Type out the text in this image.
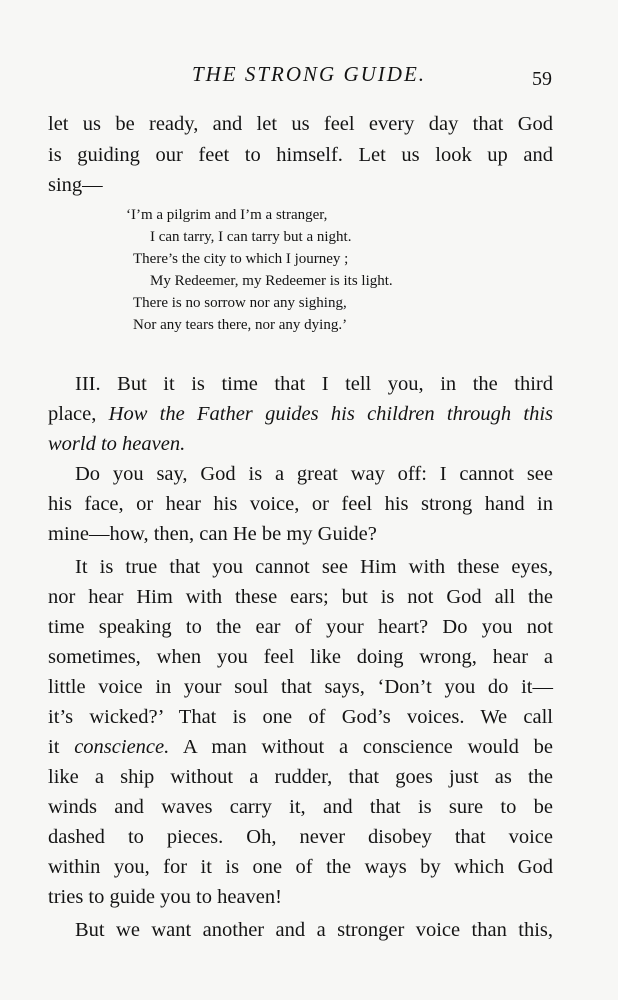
THE STRONG GUIDE.	59
let us be ready, and let us feel every day that God
is guiding our feet to himself. Let us look up and
sing—
‘I’m a pilgrim and I’m a stranger,
I can tarry, I can tarry but a night.
There’s the city to which I journey ;
My Redeemer, my Redeemer is its light.
There is no sorrow nor any sighing,
Nor any tears there, nor any dying.’
III. But it is time that I tell you, in the third
place, How the Father guides his children through this
world to heaven.
Do you say, God is a great way off: I cannot see
his face, or hear his voice, or feel his strong hand in
mine—how, then, can He be my Guide?
It is true that you cannot see Him with these eyes,
nor hear Him with these ears; but is not God all the
time speaking to the ear of your heart? Do you not
sometimes, when you feel like doing wrong, hear a
little voice in your soul that says, ‘Don’t you do it—
it’s wicked?’ That is one of God’s voices. We call
it conscience. A man without a conscience would be
like a ship without a rudder, that goes just as the
winds and waves carry it, and that is sure to be
dashed to pieces. Oh, never disobey that voice
within you, for it is one of the ways by which God
tries to guide you to heaven!
But we want another and a stronger voice than this,
